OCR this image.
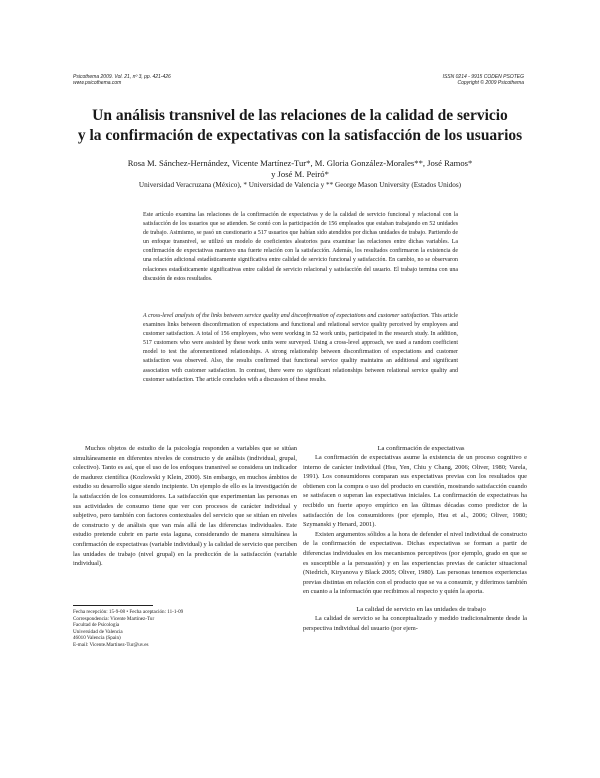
Psicothema 2009. Vol. 21, nº 3, pp. 421-426
www.psicothema.com
ISSN 0214 - 9915 CODEN PSOTEG
Copyright © 2009 Psicothema
Un análisis transnivel de las relaciones de la calidad de servicio
y la confirmación de expectativas con la satisfacción de los usuarios
Rosa M. Sánchez-Hernández, Vicente Martínez-Tur*, M. Gloria González-Morales**, José Ramos*
y José M. Peiró*
Universidad Veracruzana (México), * Universidad de Valencia y ** George Mason University (Estados Unidos)

Este artículo examina las relaciones de la confirmación de expectativas y de la calidad de servicio funcional y relacional con la satisfacción de los usuarios que se atienden. Se contó con la participación de 156 empleados que estaban trabajando en 52 unidades de trabajo. Asimismo, se pasó un cuestionario a 517 usuarios que habían sido atendidos por dichas unidades de trabajo. Partiendo de un enfoque transnivel, se utilizó un modelo de coeficientes aleatorios para examinar las relaciones entre dichas variables. La confirmación de expectativas mantuvo una fuerte relación con la satisfacción. Además, los resultados confirmaron la existencia de una relación adicional estadísticamente significativa entre calidad de servicio funcional y satisfacción. En cambio, no se observaron relaciones estadísticamente significativas entre calidad de servicio relacional y satisfacción del usuario. El trabajo termina con una discusión de estos resultados.

A cross-level analysis of the links between service quality and disconfirmation of expectations and customer satisfaction. This article examines links between disconfirmation of expectations and functional and relational service quality perceived by employees and customer satisfaction. A total of 156 employees, who were working in 52 work units, participated in the research study. In addition, 517 customers who were assisted by these work units were surveyed. Using a cross-level approach, we used a random coefficient model to test the aforementioned relationships. A strong relationship between disconfirmation of expectations and customer satisfaction was observed. Also, the results confirmed that functional service quality maintains an additional and significant association with customer satisfaction. In contrast, there were no significant relationships between relational service quality and customer satisfaction. The article concludes with a discussion of these results.

Muchos objetos de estudio de la psicología responden a variables que se sitúan simultáneamente en diferentes niveles de constructo y de análisis (individual, grupal, colectivo). Tanto es así, que el uso de los enfoques transnivel se considera un indicador de madurez científica (Kozlowski y Klein, 2000). Sin embargo, en muchos ámbitos de estudio su desarrollo sigue siendo incipiente. Un ejemplo de ello es la investigación de la satisfacción de los consumidores. La satisfacción que experimentan las personas en sus actividades de consumo tiene que ver con procesos de carácter individual y subjetivo, pero también con factores contextuales del servicio que se sitúan en niveles de constructo y de análisis que van más allá de las diferencias individuales. Este estudio pretende cubrir en parte esta laguna, considerando de manera simultánea la confirmación de expectativas (variable individual) y la calidad de servicio que perciben las unidades de trabajo (nivel grupal) en la predicción de la satisfacción (variable individual).

Fecha recepción: 15-9-08 • Fecha aceptación: 11-1-09
Correspondencia: Vicente Martínez-Tur
Facultad de Psicología
Universidad de Valencia
46010 Valencia (Spain)
E-mail: Vicente.Martinez-Tur@uv.es

La confirmación de expectativas

La confirmación de expectativas asume la existencia de un proceso cognitivo e interno de carácter individual (Hsu, Yen, Chiu y Chang, 2006; Oliver, 1980; Varela, 1991). Los consumidores comparan sus expectativas previas con los resultados que obtienen con la compra o uso del producto en cuestión, mostrando satisfacción cuando se satisfacen o superan las expectativas iniciales. La confirmación de expectativas ha recibido un fuerte apoyo empírico en las últimas décadas como predictor de la satisfacción de los consumidores (por ejemplo, Hsu et al., 2006; Oliver, 1980; Szymanski y Henard, 2001).

Existen argumentos sólidos a la hora de defender el nivel individual de constructo de la confirmación de expectativas. Dichas expectativas se forman a partir de diferencias individuales en los mecanismos perceptivos (por ejemplo, grado en que se es susceptible a la persuasión) y en las experiencias previas de carácter situacional (Niedrich, Kiryanova y Black 2005; Oliver, 1980). Las personas tenemos experiencias previas distintas en relación con el producto que se va a consumir, y diferimos también en cuanto a la información que recibimos al respecto y quién la aporta.

La calidad de servicio en las unidades de trabajo

La calidad de servicio se ha conceptualizado y medido tradicionalmente desde la perspectiva individual del usuario (por ejem-
